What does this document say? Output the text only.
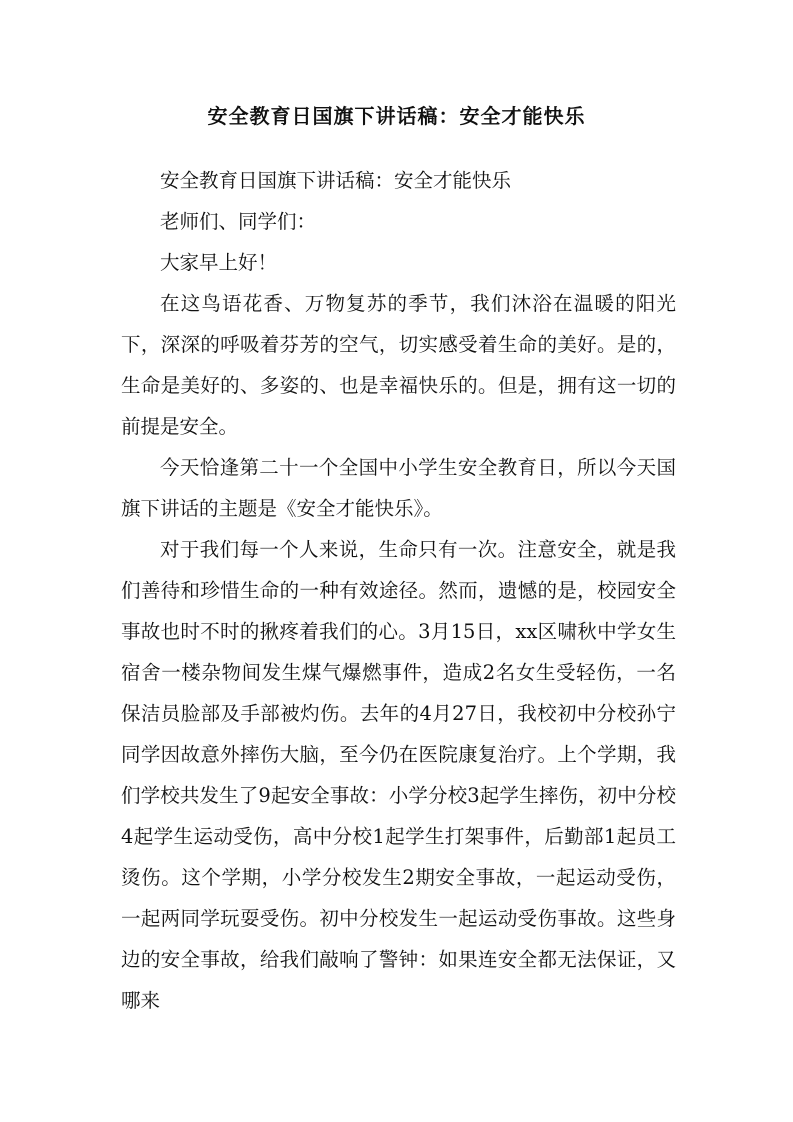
安全教育日国旗下讲话稿：安全才能快乐

安全教育日国旗下讲话稿：安全才能快乐

老师们、同学们：

大家早上好！

在这鸟语花香、万物复苏的季节，我们沐浴在温暖的阳光下，深深的呼吸着芬芳的空气，切实感受着生命的美好。是的，生命是美好的、多姿的、也是幸福快乐的。但是，拥有这一切的前提是安全。

今天恰逢第二十一个全国中小学生安全教育日，所以今天国旗下讲话的主题是《安全才能快乐》。

对于我们每一个人来说，生命只有一次。注意安全，就是我们善待和珍惜生命的一种有效途径。然而，遗憾的是，校园安全事故也时不时的揪疼着我们的心。3月15日，xx区啸秋中学女生宿舍一楼杂物间发生煤气爆燃事件，造成2名女生受轻伤，一名保洁员脸部及手部被灼伤。去年的4月27日，我校初中分校孙宁同学因故意外摔伤大脑，至今仍在医院康复治疗。上个学期，我们学校共发生了9起安全事故：小学分校3起学生摔伤，初中分校4起学生运动受伤，高中分校1起学生打架事件，后勤部1起员工烫伤。这个学期，小学分校发生2期安全事故，一起运动受伤，一起两同学玩耍受伤。初中分校发生一起运动受伤事故。这些身边的安全事故，给我们敲响了警钟：如果连安全都无法保证，又哪来
